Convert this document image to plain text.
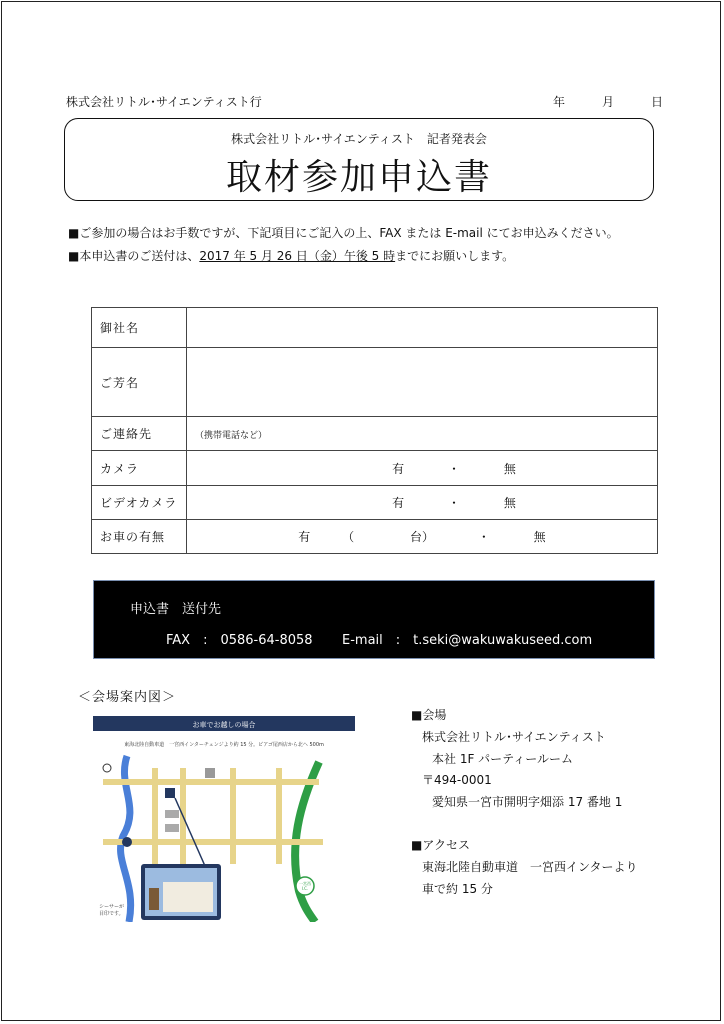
株式会社リトル･サイエンティスト行	年	月	日
株式会社リトル･サイエンティスト　記者発表会
取材参加申込書
■ご参加の場合はお手数ですが、下記項目にご記入の上、FAX または E-mail にてお申込みください。
■本申込書のご送付は、2017 年 5 月 26 日（金）午後 5 時までにお願いします。
御社名	
ご芳名	
ご連絡先	（携帯電話など）
カメラ	有 ・ 無
ビデオカメラ	有 ・ 無
お車の有無	有 （ 台） ・ 無
申込書　送付先
FAX　:　0586-64-8058 E-mail　:　t.seki@wakuwakuseed.com
＜会場案内図＞
お車でお越しの場合
東海北陸自動車道　一宮西インターチェンジより約 15 分。ビアゴ尾西店から北へ 500m
シーサーが
目印です。
一宮西
I.C.
■ 会場
株式会社リトル･サイエンティスト
本社 1F パーティールーム
〒494-0001
愛知県一宮市開明字畑添 17 番地 1
■ アクセス
東海北陸自動車道　一宮西インターより
車で約 15 分
